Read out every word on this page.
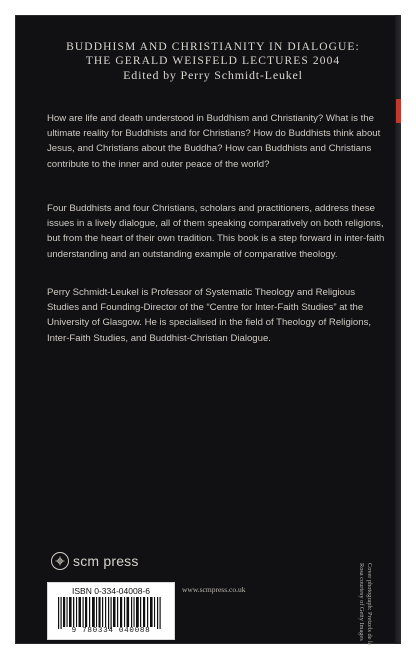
BUDDHISM AND CHRISTIANITY IN DIALOGUE:
THE GERALD WEISFELD LECTURES 2004
Edited by Perry Schmidt-Leukel
How are life and death understood in Buddhism and Christianity? What is the ultimate reality for Buddhists and for Christians? How do Buddhists think about Jesus, and Christians about the Buddha? How can Buddhists and Christians contribute to the inner and outer peace of the world?
Four Buddhists and four Christians, scholars and practitioners, address these issues in a lively dialogue, all of them speaking comparatively on both religions, but from the heart of their own tradition. This book is a step forward in inter-faith understanding and an outstanding example of comparative theology.
Perry Schmidt-Leukel is Professor of Systematic Theology and Religious Studies and Founding-Director of the “Centre for Inter-Faith Studies” at the University of Glasgow. He is specialised in the field of Theology of Religions, Inter-Faith Studies, and Buddhist-Christian Dialogue.
Cover photograph: Pretzels de la Rosa courtesy of Getty Images
scm press
www.scmpress.co.uk
ISBN 0-334-04008-6
9 780334 040088
